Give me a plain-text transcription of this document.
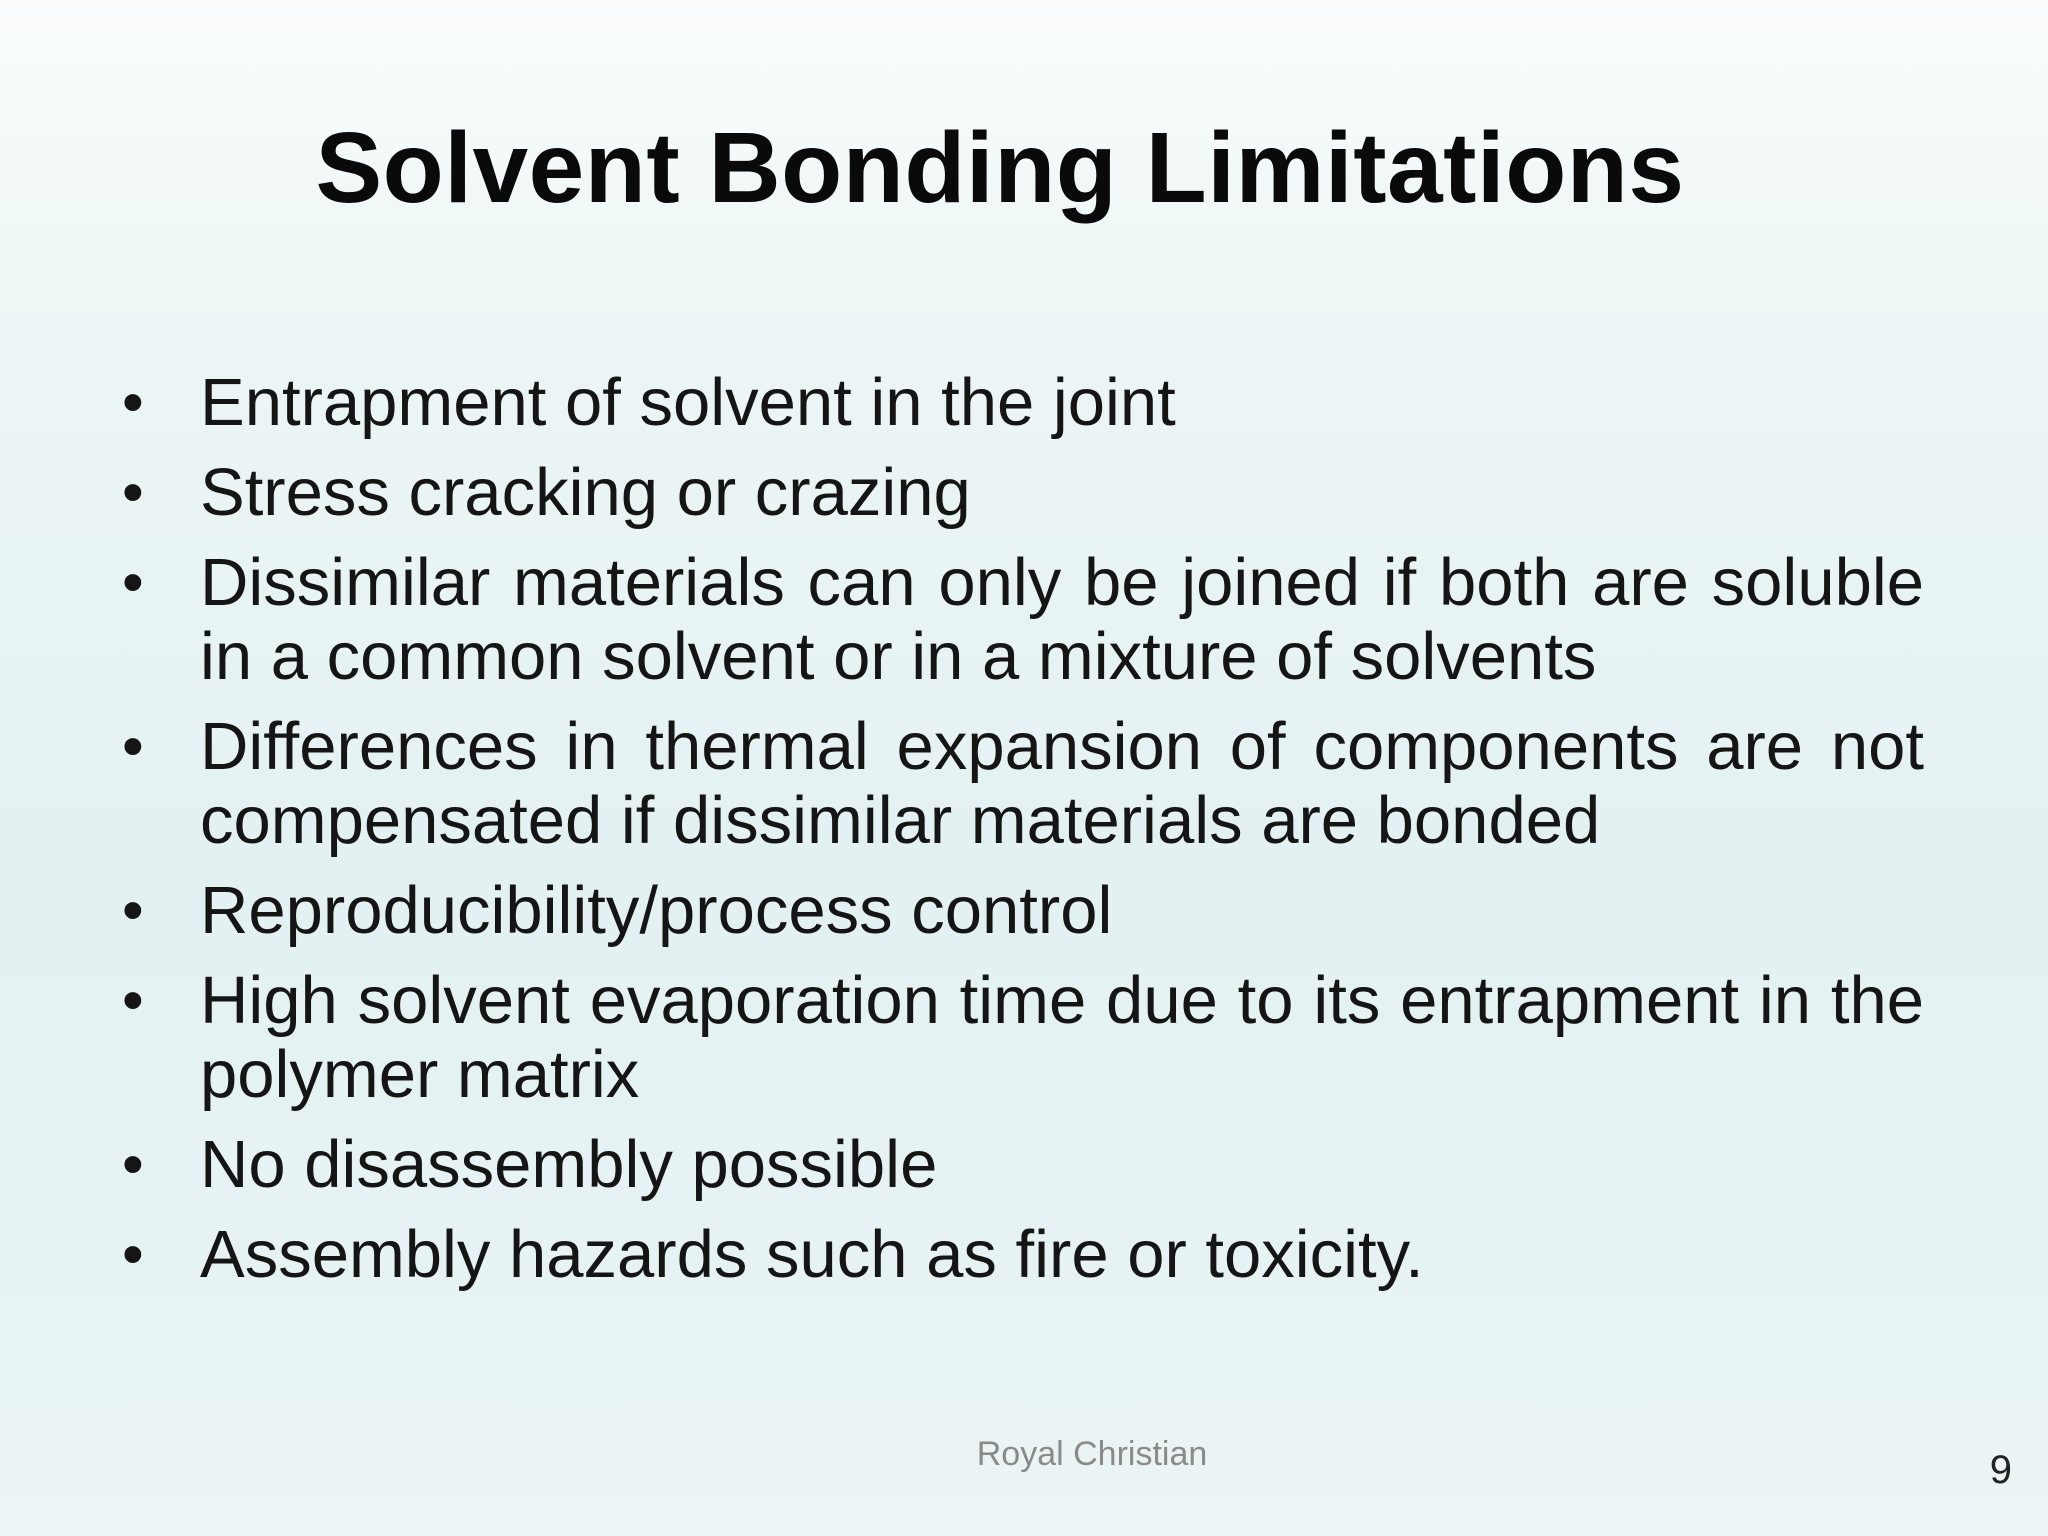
Solvent Bonding Limitations
• Entrapment of solvent in the joint
• Stress cracking or crazing
• Dissimilar materials can only be joined if both are soluble in a common solvent or in a mixture of solvents
• Differences in thermal expansion of components are not compensated if dissimilar materials are bonded
• Reproducibility/process control
• High solvent evaporation time due to its entrapment in the polymer matrix
• No disassembly possible
• Assembly hazards such as fire or toxicity.
Royal Christian	9
